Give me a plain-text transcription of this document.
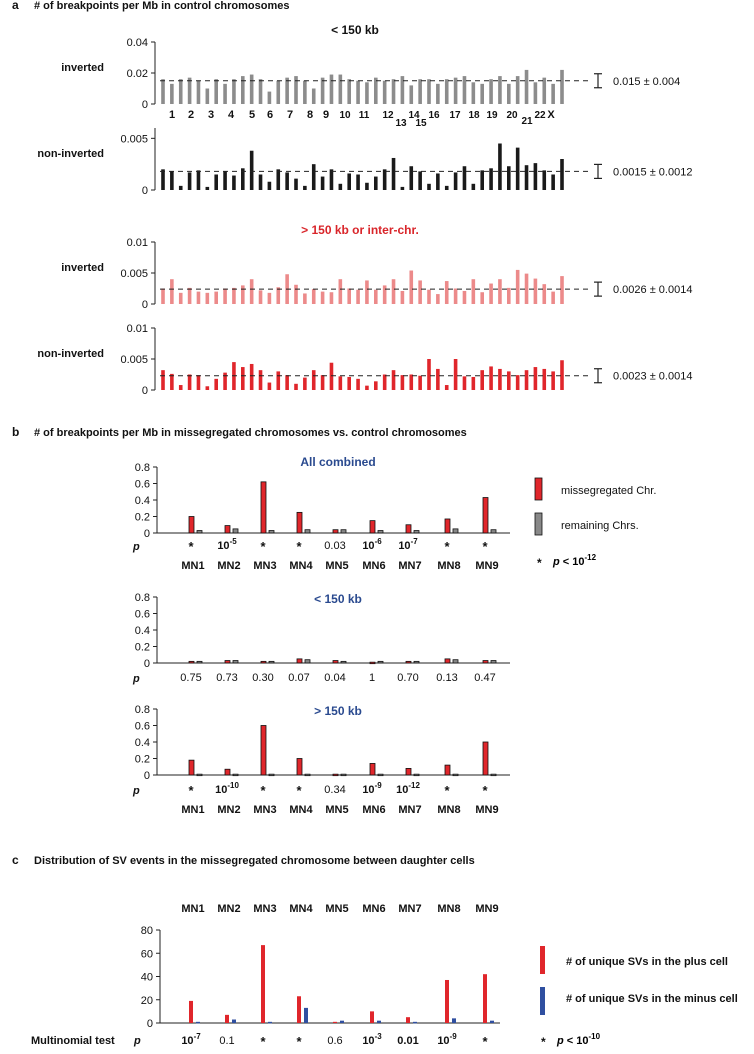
a # of breakpoints per Mb in control chromosomes
< 150 kb
> 150 kb or inter-chr.
inverted
0
0.02
0.04
0.015 ± 0.004
non-inverted
0
0.005
0.0015 ± 0.0012
inverted
0
0.005
0.01
0.0026 ± 0.0014
non-inverted
0
0.005
0.01
0.0023 ± 0.0014
1 2 3 4 5 6 7 8 9 10 11 12
13
14
15
16 17 18 19 20
21
22 X
b # of breakpoints per Mb in missegregated chromosomes vs. control chromosomes
All combined
0
0.2
0.4
0.6
0.8
p	* $10^{-5}$ * * 0.03 $10^{-6}$ $10^{-7}$ *	*
MN1 MN2 MN3 MN4 MN5 MN6 MN7 MN8 MN9
< 150 kb
0
0.2
0.4
0.6
0.8
p	0.75 0.73 0.30 0.07 0.04 1 0.70 0.13 0.47
> 150 kb
0
0.2
0.4
0.6
0.8
p	* $10^{-10}$ * * 0.34 $10^{-9}$ $10^{-12}$ *	*
MN1 MN2 MN3 MN4 MN5 MN6 MN7 MN8 MN9
missegregated Chr.
remaining Chrs.
* $p < 10^{-12}$
c Distribution of SV events in the missegregated chromosome between daughter cells
MN1 MN2 MN3 MN4 MN5 MN6 MN7 MN8 MN9
0
20
40
60
80
Multinomial test p	$10^{-7}$ 0.1 * * 0.6 $10^{-3}$ 0.01 $10^{-9}$ *
# of unique SVs in the plus cell
# of unique SVs in the minus cell
* $p < 10^{-10}$
